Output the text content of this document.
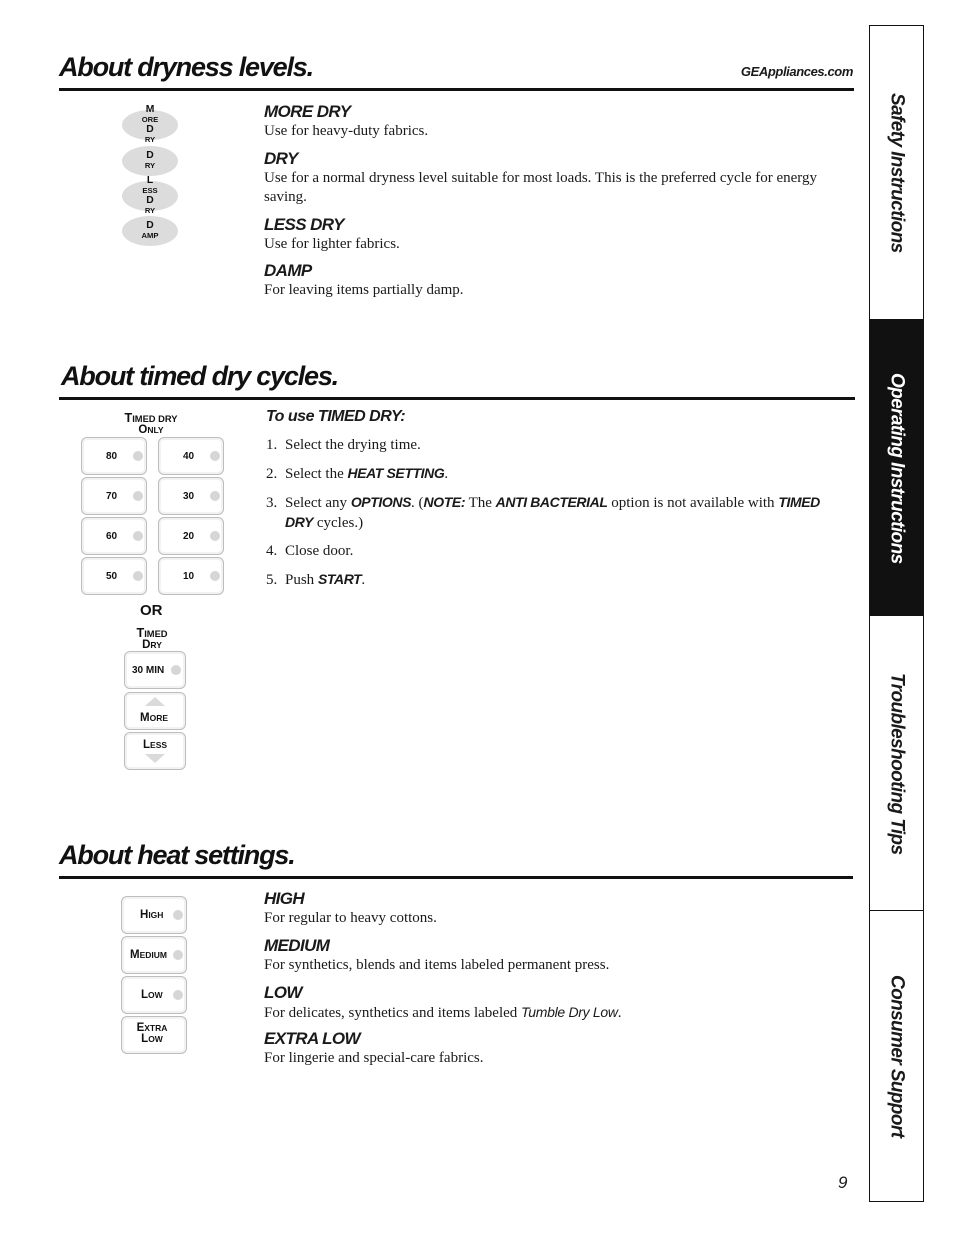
About dryness levels.	GEAppliances.com
M
ORE
D
RY
D
RY
L
ESS
D
RY
D
AMP
MORE DRY
Use for heavy-duty fabrics.
DRY
Use for a normal dryness level suitable for most loads. This is the preferred cycle for energy saving.
LESS DRY
Use for lighter fabrics.
DAMP
For leaving items partially damp.
About timed dry cycles.
TIMED DRY
ONLY
80	40
70	30
60	20
50	10
OR
TIMED
DRY
30 MIN
MORE
LESS
To use TIMED DRY:
1. Select the drying time.
2. Select the HEAT SETTING.
3. Select any OPTIONS. (NOTE: The ANTI BACTERIAL option is not available with TIMED DRY cycles.)
4. Close door.
5. Push START.
About heat settings.
HIGH
MEDIUM
LOW
EXTRA
LOW
HIGH
For regular to heavy cottons.
MEDIUM
For synthetics, blends and items labeled permanent press.
LOW
For delicates, synthetics and items labeled Tumble Dry Low.
EXTRA LOW
For lingerie and special-care fabrics.
Safety Instructions
Operating Instructions
Troubleshooting Tips
Consumer Support
9
